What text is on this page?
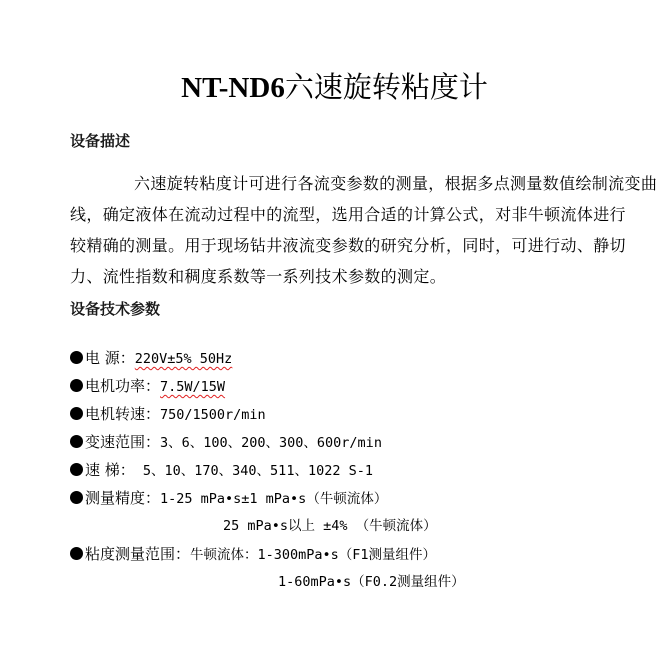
NT-ND6六速旋转粘度计
设备描述
六速旋转粘度计可进行各流变参数的测量，根据多点测量数值绘制流变曲
线，确定液体在流动过程中的流型，选用合适的计算公式，对非牛顿流体进行
较精确的测量。用于现场钻井液流变参数的研究分析，同时，可进行动、静切
力、流性指数和稠度系数等一系列技术参数的测定。
设备技术参数
电 源：220V±5% 50Hz
电机功率：7.5W/15W
电机转速：750/1500r/min
变速范围：3、6、100、200、300、600r/min
速 梯： 5、10、170、340、511、1022 S-1
测量精度：1-25 mPa•s±1 mPa•s（牛顿流体）
25 mPa•s以上 ±4% （牛顿流体）
粘度测量范围：牛顿流体：1-300mPa•s（F1测量组件）
1-60mPa•s（F0.2测量组件）
